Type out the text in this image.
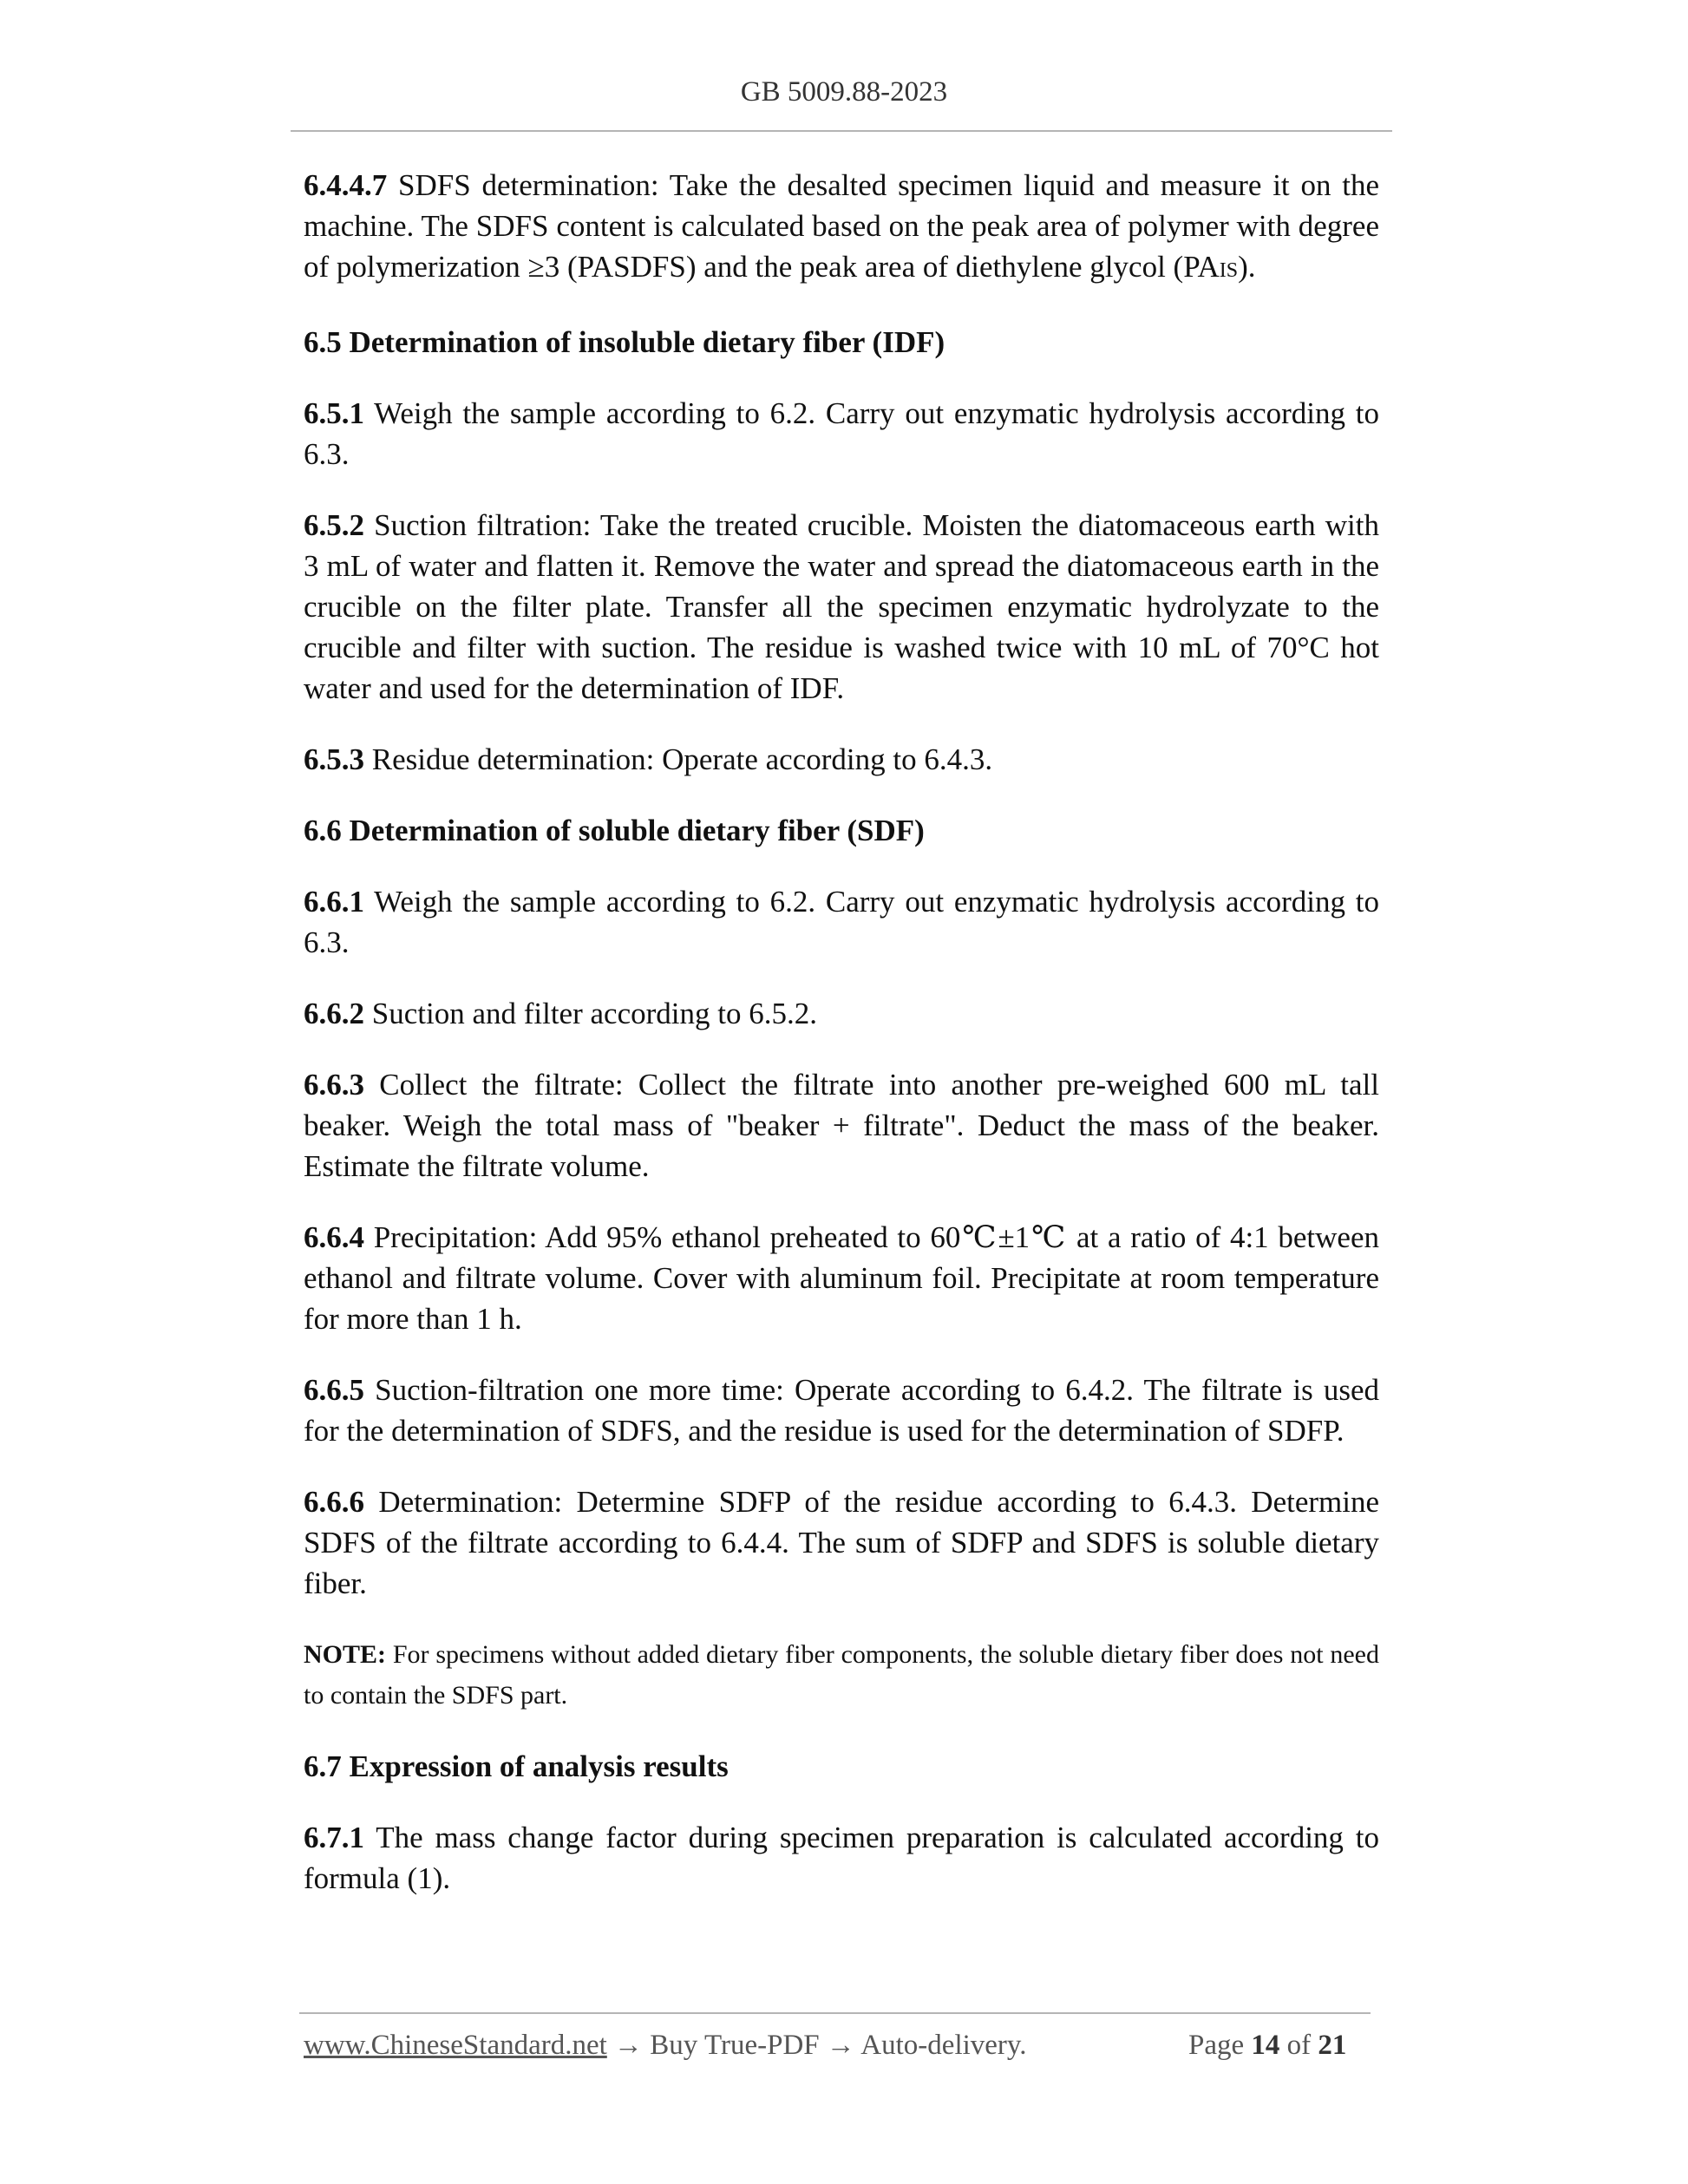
GB 5009.88-2023

6.4.4.7 SDFS determination: Take the desalted specimen liquid and measure it on the machine. The SDFS content is calculated based on the peak area of polymer with degree of polymerization ≥3 (PASDFS) and the peak area of diethylene glycol (PAIS).

6.5 Determination of insoluble dietary fiber (IDF)

6.5.1 Weigh the sample according to 6.2. Carry out enzymatic hydrolysis according to 6.3.

6.5.2 Suction filtration: Take the treated crucible. Moisten the diatomaceous earth with 3 mL of water and flatten it. Remove the water and spread the diatomaceous earth in the crucible on the filter plate. Transfer all the specimen enzymatic hydrolyzate to the crucible and filter with suction. The residue is washed twice with 10 mL of 70°C hot water and used for the determination of IDF.

6.5.3 Residue determination: Operate according to 6.4.3.

6.6 Determination of soluble dietary fiber (SDF)

6.6.1 Weigh the sample according to 6.2. Carry out enzymatic hydrolysis according to 6.3.

6.6.2 Suction and filter according to 6.5.2.

6.6.3 Collect the filtrate: Collect the filtrate into another pre-weighed 600 mL tall beaker. Weigh the total mass of "beaker + filtrate". Deduct the mass of the beaker. Estimate the filtrate volume.

6.6.4 Precipitation: Add 95% ethanol preheated to 60℃±1℃ at a ratio of 4:1 between ethanol and filtrate volume. Cover with aluminum foil. Precipitate at room temperature for more than 1 h.

6.6.5 Suction-filtration one more time: Operate according to 6.4.2. The filtrate is used for the determination of SDFS, and the residue is used for the determination of SDFP.

6.6.6 Determination: Determine SDFP of the residue according to 6.4.3. Determine SDFS of the filtrate according to 6.4.4. The sum of SDFP and SDFS is soluble dietary fiber.

NOTE: For specimens without added dietary fiber components, the soluble dietary fiber does not need to contain the SDFS part.

6.7 Expression of analysis results

6.7.1 The mass change factor during specimen preparation is calculated according to formula (1).

www.ChineseStandard.net → Buy True-PDF → Auto-delivery.	Page 14 of 21
